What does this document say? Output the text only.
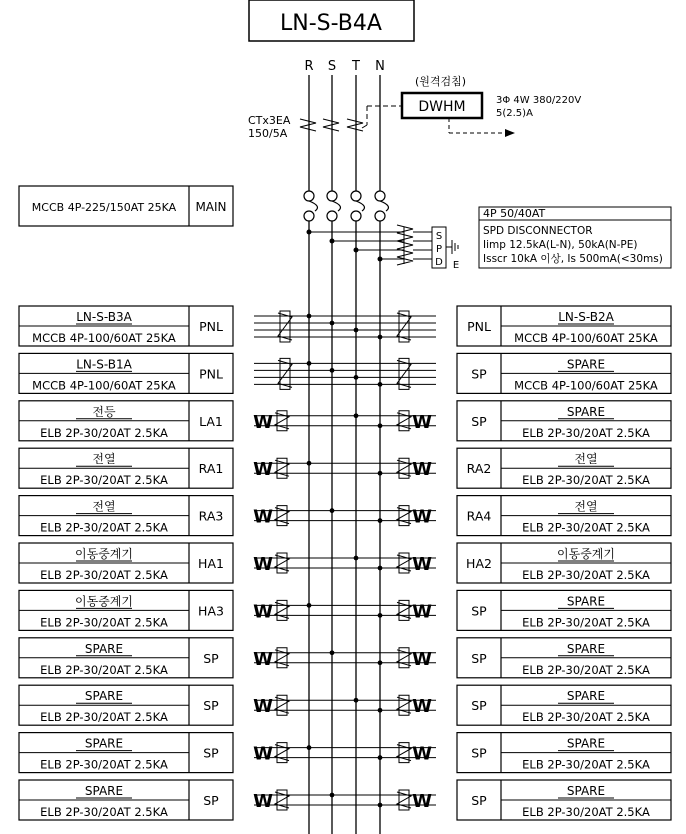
LN-S-B4A
R S T N
(원격검침)
DWHM	3Φ 4W 380/220V
5(2.5)A
CTx3EA
150/5A
MCCB 4P-225/150AT 25KA MAIN
S
P
D E
4P 50/40AT
SPD DISCONNECTOR
Iimp 12.5kA(L-N), 50kA(N-PE)
Isscr 10kA 이상, Is 500mA(<30ms)
LN-S-B3A
MCCB 4P-100/60AT 25KA
PNL
LN-S-B1A
MCCB 4P-100/60AT 25KA
PNL
전등
ELB 2P-30/20AT 2.5KA
LA1 W
전열
ELB 2P-30/20AT 2.5KA
RA1 W
전열
ELB 2P-30/20AT 2.5KA
RA3 W
이동중계기
ELB 2P-30/20AT 2.5KA
HA1 W
이동중계기
ELB 2P-30/20AT 2.5KA
HA3 W
SPARE
ELB 2P-30/20AT 2.5KA
SP W
SPARE
ELB 2P-30/20AT 2.5KA
SP W
SPARE
ELB 2P-30/20AT 2.5KA
SP W
SPARE
ELB 2P-30/20AT 2.5KA
SP W
LN-S-B2A
MCCB 4P-100/60AT 25KA
PNL
SPARE
MCCB 4P-100/60AT 25KA
SP
SPARE
ELB 2P-30/20AT 2.5KA
SP
W
전열
ELB 2P-30/20AT 2.5KA
RA2
W
전열
ELB 2P-30/20AT 2.5KA
RA4
W
이동중계기
ELB 2P-30/20AT 2.5KA
HA2
W
SPARE
ELB 2P-30/20AT 2.5KA
SP
W
SPARE
ELB 2P-30/20AT 2.5KA
SP
W
SPARE
ELB 2P-30/20AT 2.5KA
SP
W
SPARE
ELB 2P-30/20AT 2.5KA
SP
W
SPARE
ELB 2P-30/20AT 2.5KA
SP
W
